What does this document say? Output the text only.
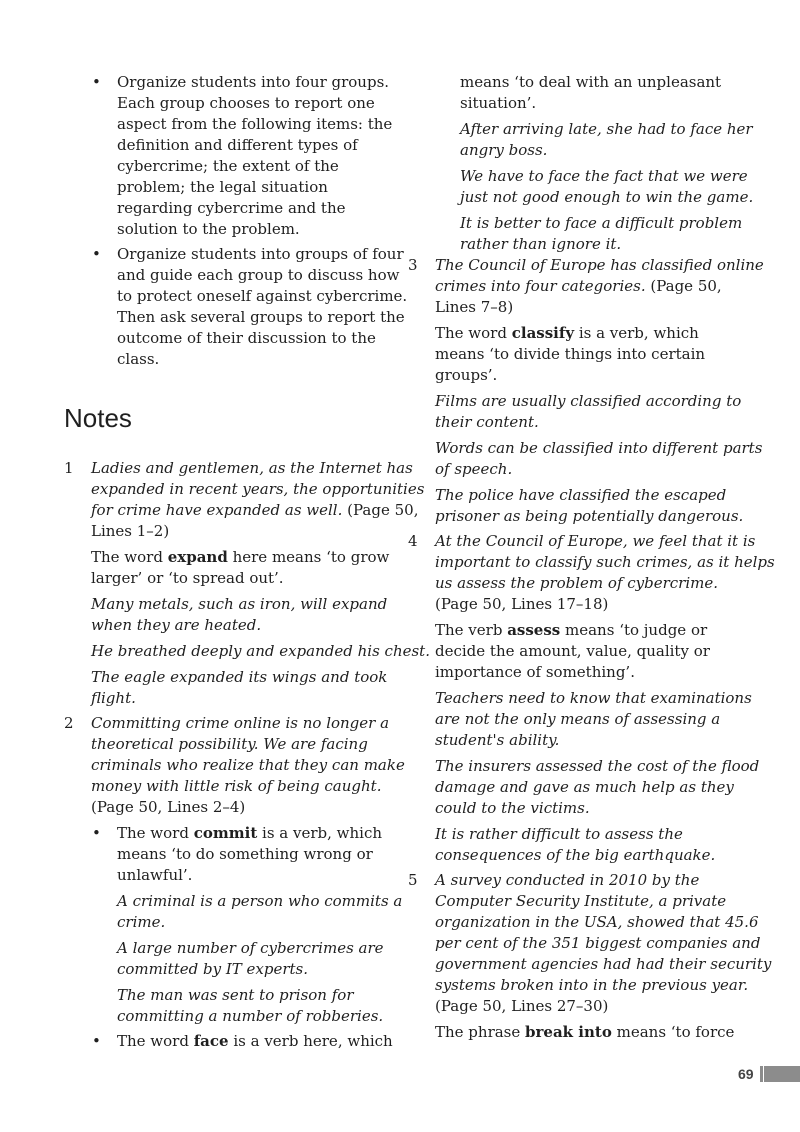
• Organize students into four groups.
Each group chooses to report one
aspect from the following items: the
definition and different types of
cybercrime; the extent of the
problem; the legal situation
regarding cybercrime and the
solution to the problem.
• Organize students into groups of four
and guide each group to discuss how
to protect oneself against cybercrime.
Then ask several groups to report the
outcome of their discussion to the
class.
Notes
1 Ladies and gentlemen, as the Internet has
expanded in recent years, the opportunities
for crime have expanded as well. (Page 50,
Lines 1–2)
The word expand here means ‘to grow
larger’ or ‘to spread out’.
Many metals, such as iron, will expand
when they are heated.
He breathed deeply and expanded his chest.
The eagle expanded its wings and took
flight.
2 Committing crime online is no longer a
theoretical possibility. We are facing
criminals who realize that they can make
money with little risk of being caught.
(Page 50, Lines 2–4)
• The word commit is a verb, which
means ‘to do something wrong or
unlawful’.
A criminal is a person who commits a
crime.
A large number of cybercrimes are
committed by IT experts.
The man was sent to prison for
committing a number of robberies.
• The word face is a verb here, which
means ‘to deal with an unpleasant
situation’.
After arriving late, she had to face her
angry boss.
We have to face the fact that we were
just not good enough to win the game.
It is better to face a difficult problem
rather than ignore it.
3 The Council of Europe has classified online
crimes into four categories. (Page 50,
Lines 7–8)
The word classify is a verb, which
means ‘to divide things into certain
groups’.
Films are usually classified according to
their content.
Words can be classified into different parts
of speech.
The police have classified the escaped
prisoner as being potentially dangerous.
4 At the Council of Europe, we feel that it is
important to classify such crimes, as it helps
us assess the problem of cybercrime.
(Page 50, Lines 17–18)
The verb assess means ‘to judge or
decide the amount, value, quality or
importance of something’.
Teachers need to know that examinations
are not the only means of assessing a
student's ability.
The insurers assessed the cost of the flood
damage and gave as much help as they
could to the victims.
It is rather difficult to assess the
consequences of the big earthquake.
5 A survey conducted in 2010 by the
Computer Security Institute, a private
organization in the USA, showed that 45.6
per cent of the 351 biggest companies and
government agencies had had their security
systems broken into in the previous year.
(Page 50, Lines 27–30)
The phrase break into means ‘to force
69
